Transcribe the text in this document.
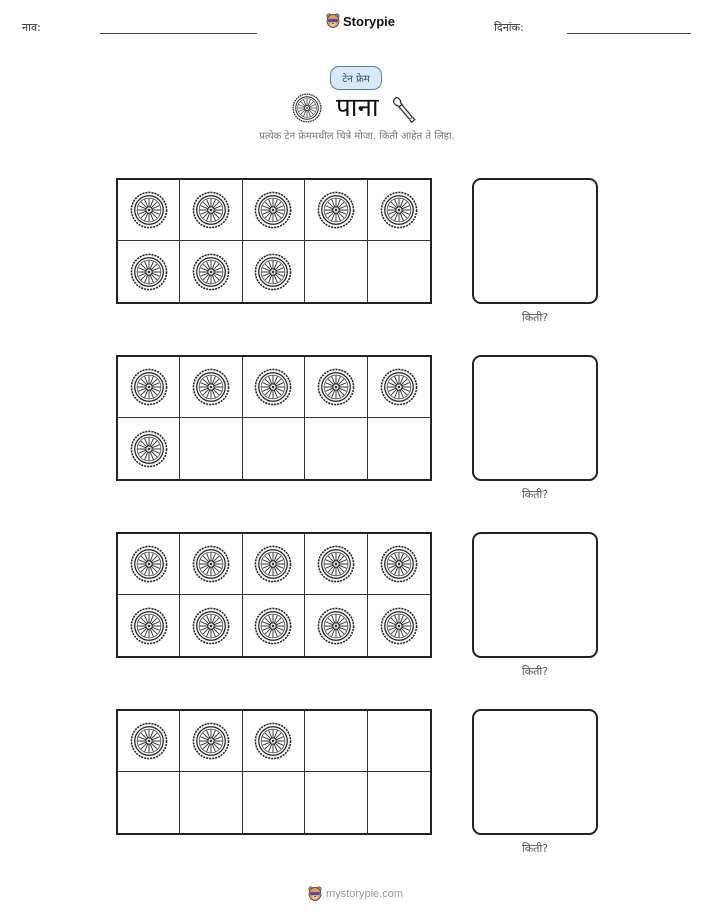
नाव:	Storypie	दिनांक:
टेन फ्रेम
पाना
प्रत्येक टेन फ्रेममधील चित्रे मोजा. किती आहेत ते लिहा.
किती?
किती?
किती?
किती?
mystorypie.com
